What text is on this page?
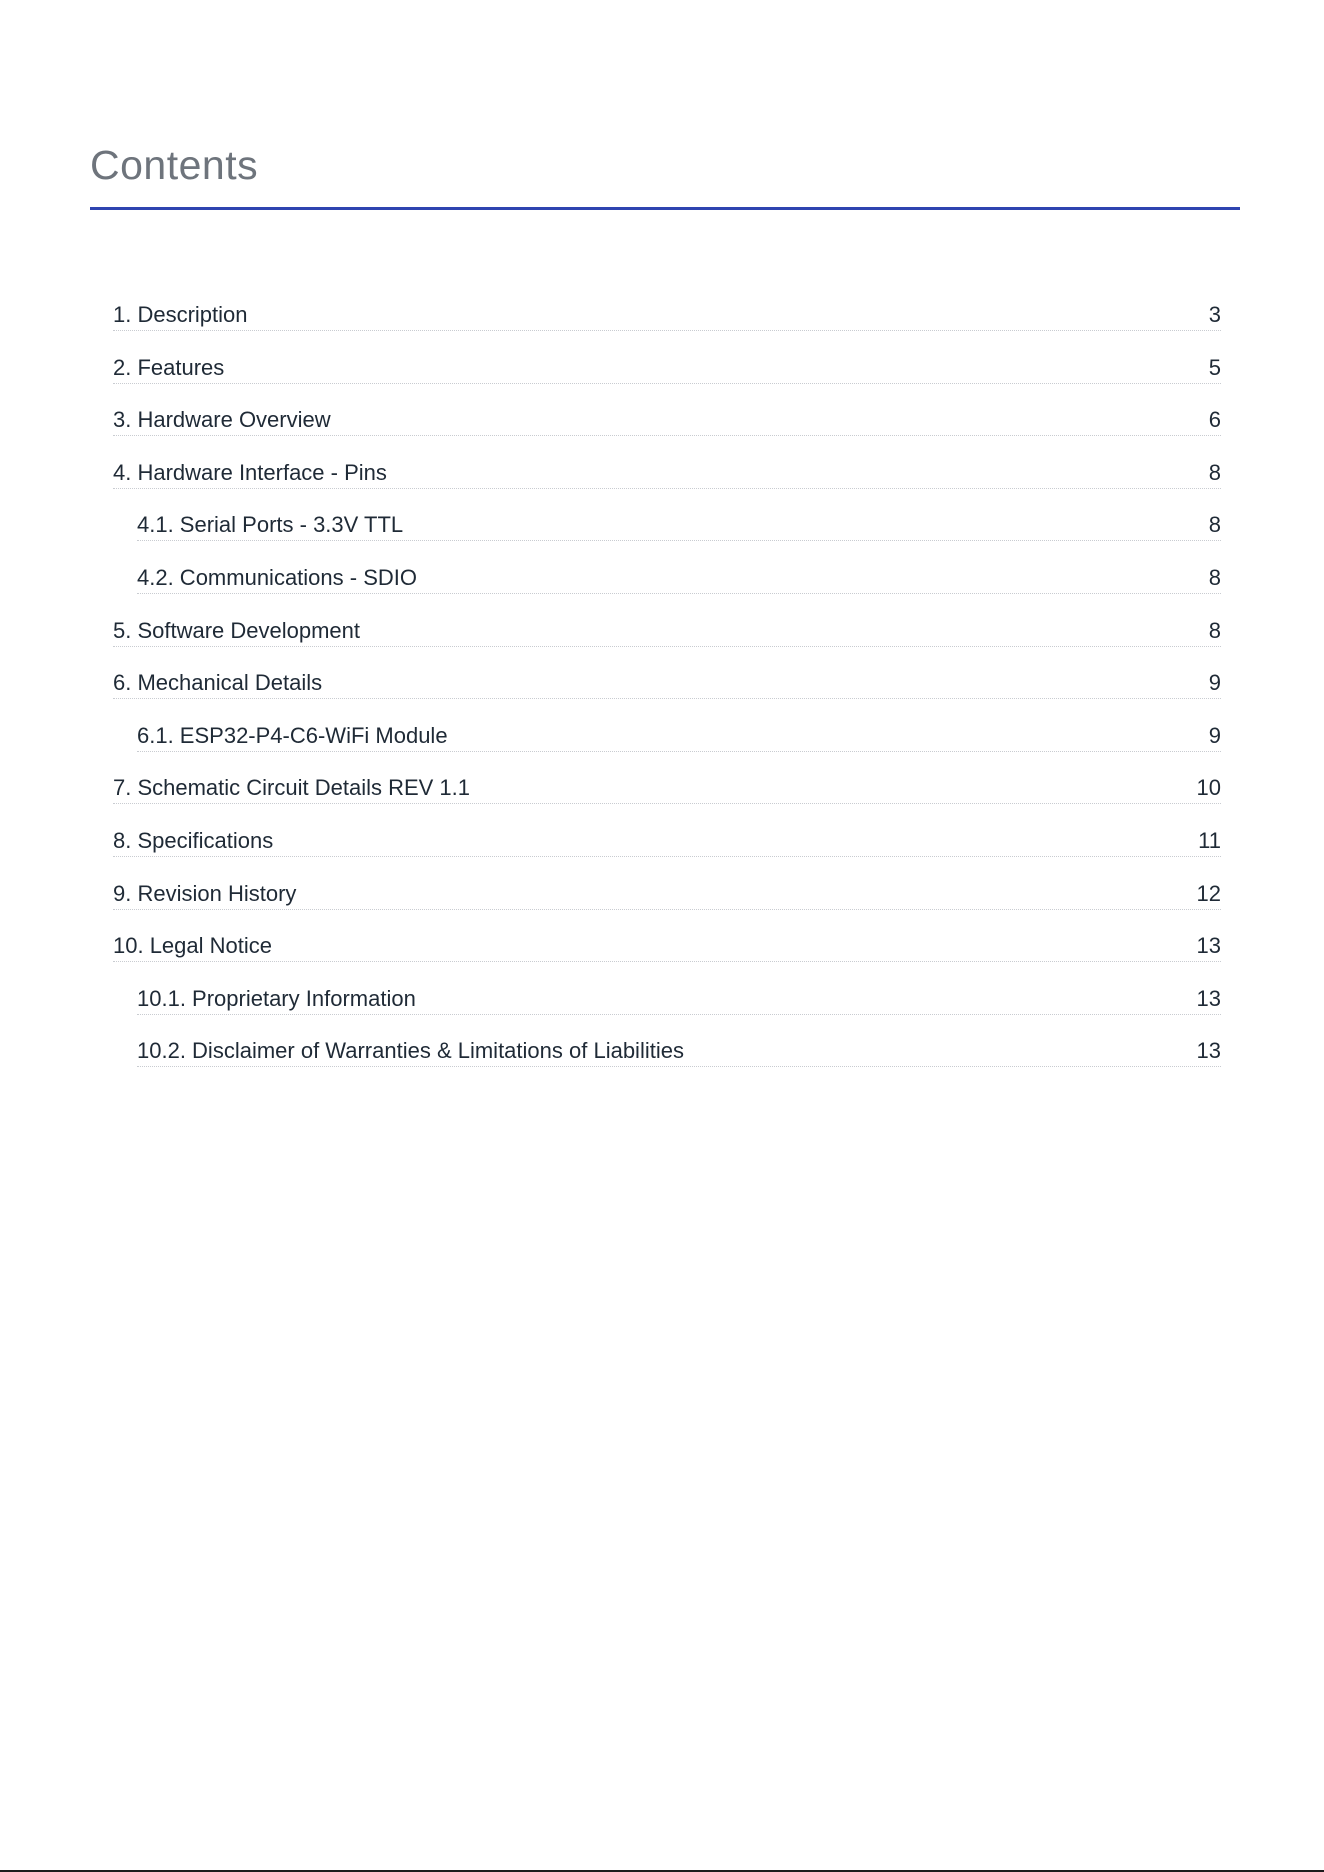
Contents
1. Description	3
2. Features	5
3. Hardware Overview	6
4. Hardware Interface - Pins	8
4.1. Serial Ports - 3.3V TTL	8
4.2. Communications - SDIO	8
5. Software Development	8
6. Mechanical Details	9
6.1. ESP32-P4-C6-WiFi Module	9
7. Schematic Circuit Details REV 1.1	10
8. Specifications	11
9. Revision History	12
10. Legal Notice	13
10.1. Proprietary Information	13
10.2. Disclaimer of Warranties & Limitations of Liabilities	13
